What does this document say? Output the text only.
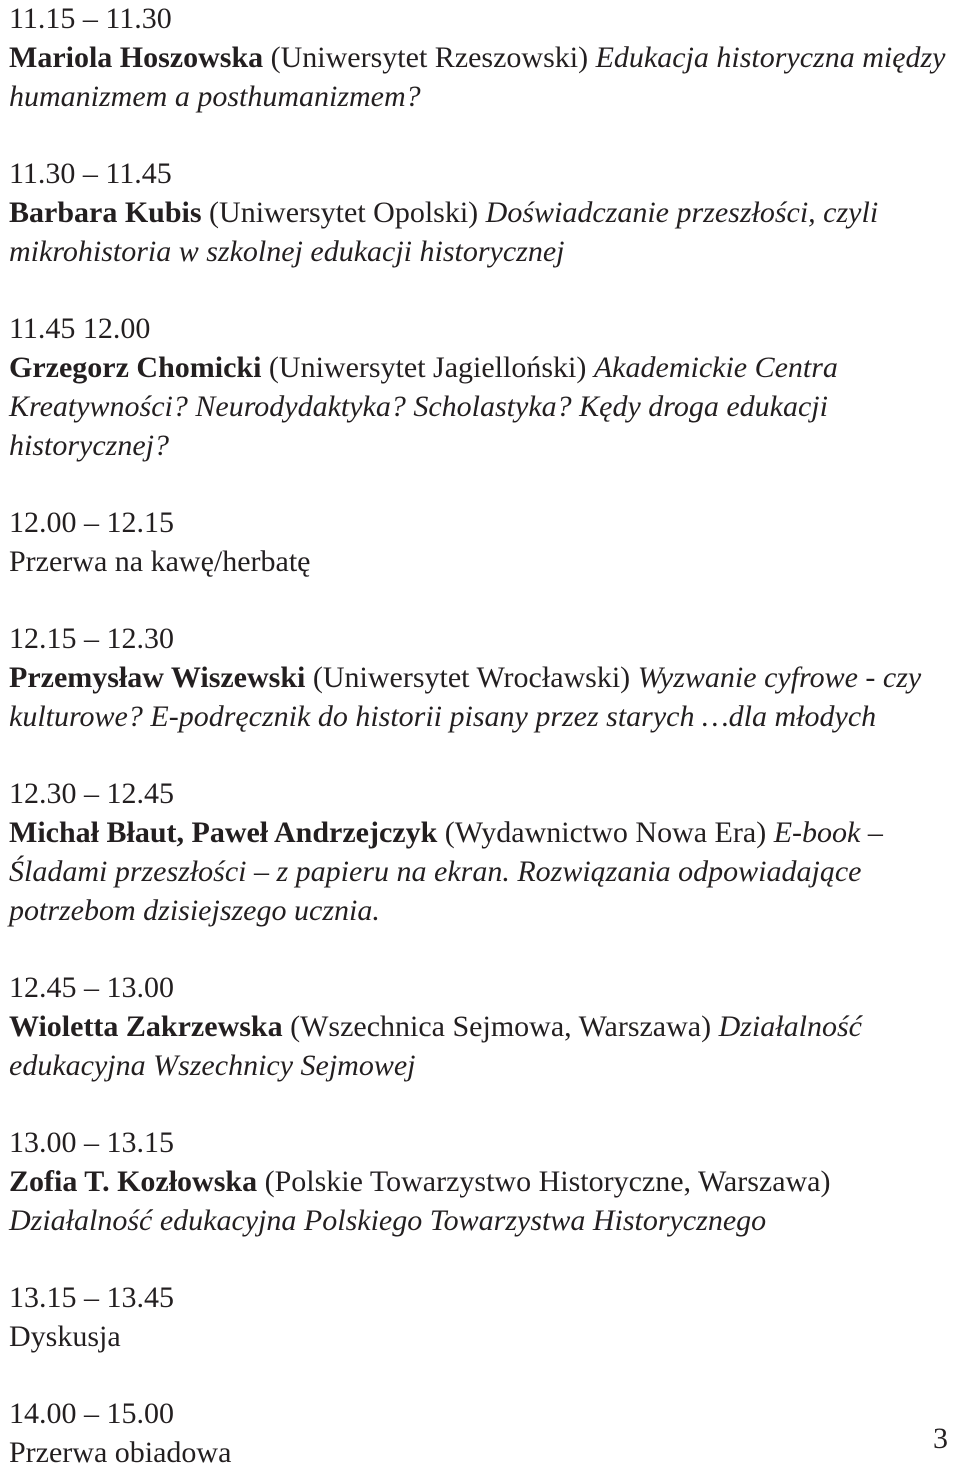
11.15 – 11.30
Mariola Hoszowska (Uniwersytet Rzeszowski) Edukacja historyczna między humanizmem a posthumanizmem?
11.30 – 11.45
Barbara Kubis (Uniwersytet Opolski) Doświadczanie przeszłości, czyli mikrohistoria w szkolnej edukacji historycznej
11.45 12.00
Grzegorz Chomicki (Uniwersytet Jagielloński) Akademickie Centra Kreatywności? Neurodydaktyka? Scholastyka? Kędy droga edukacji historycznej?
12.00 – 12.15
Przerwa na kawę/herbatę
12.15 – 12.30
Przemysław Wiszewski (Uniwersytet Wrocławski) Wyzwanie cyfrowe - czy kulturowe? E-podręcznik do historii pisany przez starych …dla młodych
12.30 – 12.45
Michał Błaut, Paweł Andrzejczyk (Wydawnictwo Nowa Era) E-book – Śladami przeszłości – z papieru na ekran. Rozwiązania odpowiadające potrzebom dzisiejszego ucznia.
12.45 – 13.00
Wioletta Zakrzewska (Wszechnica Sejmowa, Warszawa) Działalność edukacyjna Wszechnicy Sejmowej
13.00 – 13.15
Zofia T. Kozłowska (Polskie Towarzystwo Historyczne, Warszawa) Działalność edukacyjna Polskiego Towarzystwa Historycznego
13.15 – 13.45
Dyskusja
14.00 – 15.00
Przerwa obiadowa	3
